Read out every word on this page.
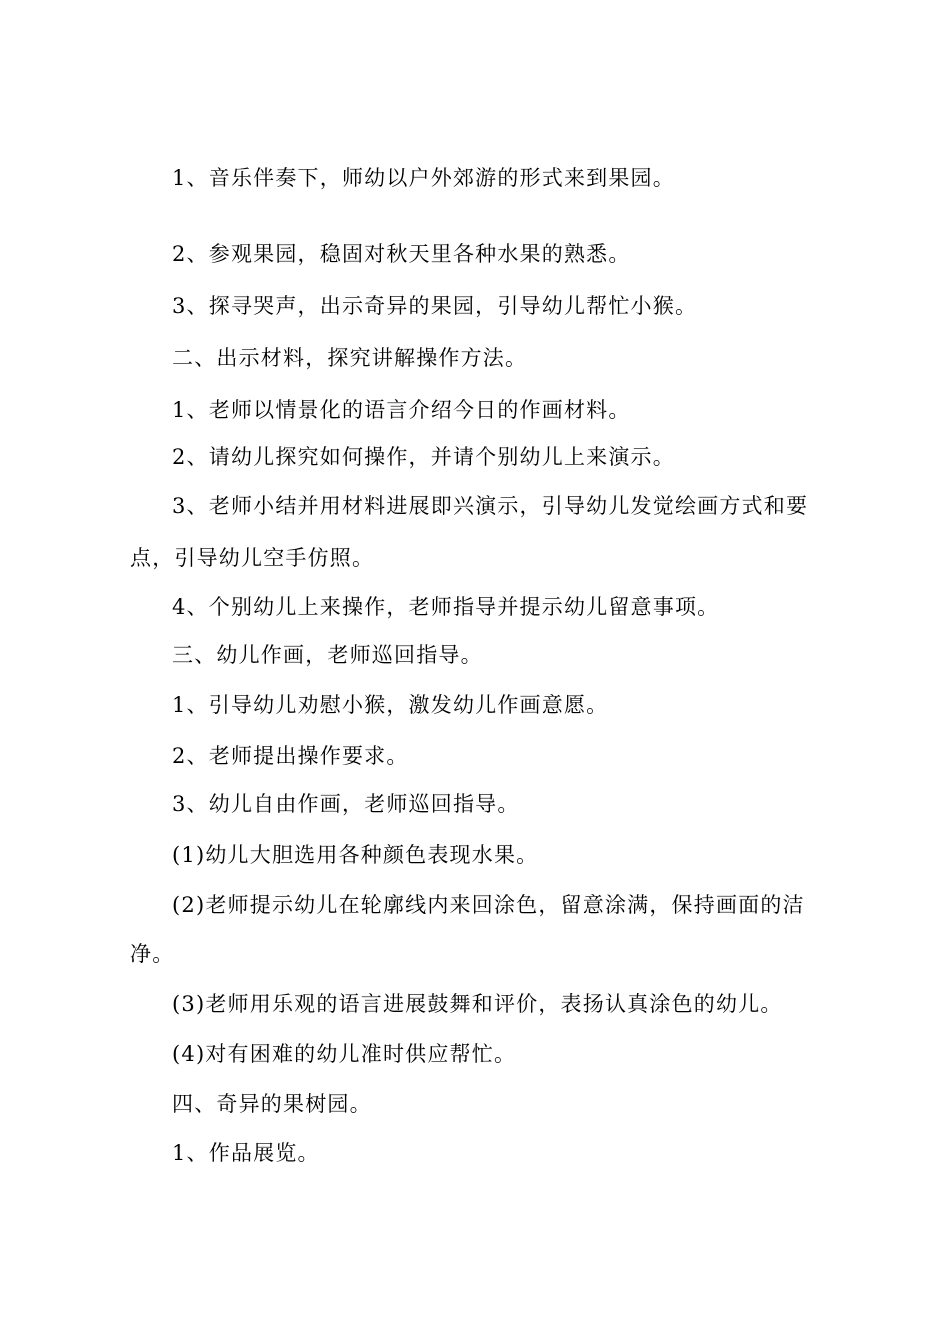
1、音乐伴奏下，师幼以户外郊游的形式来到果园。
2、参观果园，稳固对秋天里各种水果的熟悉。
3、探寻哭声，出示奇异的果园，引导幼儿帮忙小猴。
二、出示材料，探究讲解操作方法。
1、老师以情景化的语言介绍今日的作画材料。
2、请幼儿探究如何操作，并请个别幼儿上来演示。
3、老师小结并用材料进展即兴演示，引导幼儿发觉绘画方式和要
点，引导幼儿空手仿照。
4、个别幼儿上来操作，老师指导并提示幼儿留意事项。
三、幼儿作画，老师巡回指导。
1、引导幼儿劝慰小猴，激发幼儿作画意愿。
2、老师提出操作要求。
3、幼儿自由作画，老师巡回指导。
(1)幼儿大胆选用各种颜色表现水果。
(2)老师提示幼儿在轮廓线内来回涂色，留意涂满，保持画面的洁
净。
(3)老师用乐观的语言进展鼓舞和评价，表扬认真涂色的幼儿。
(4)对有困难的幼儿准时供应帮忙。
四、奇异的果树园。
1、作品展览。
